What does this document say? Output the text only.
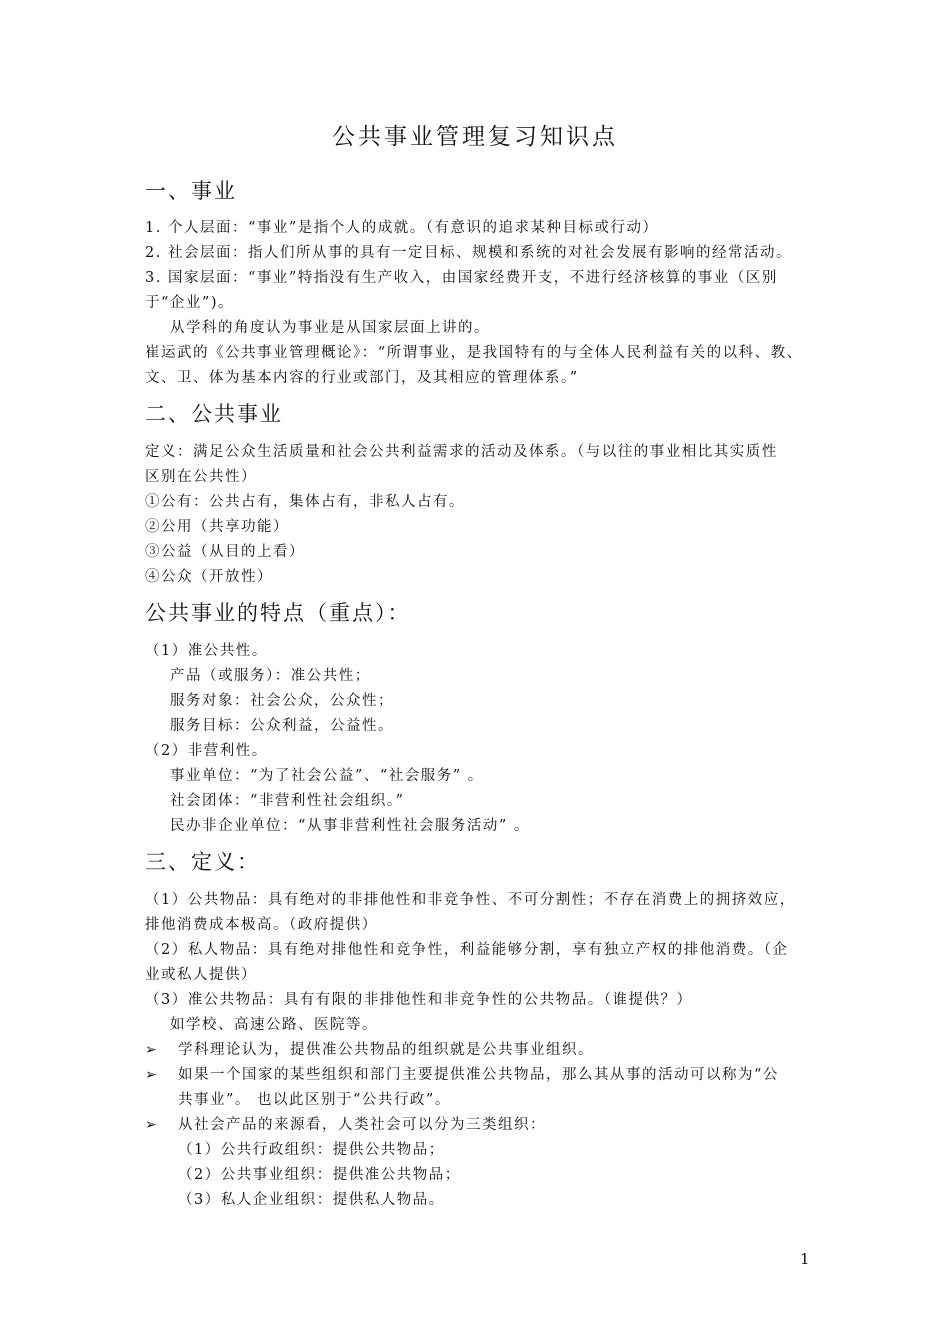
公共事业管理复习知识点
一、事业
1. 个人层面：“事业”是指个人的成就。（有意识的追求某种目标或行动）
2. 社会层面：指人们所从事的具有一定目标、规模和系统的对社会发展有影响的经常活动。
3. 国家层面：“事业”特指没有生产收入，由国家经费开支，不进行经济核算的事业（区别
于“企业”)。
从学科的角度认为事业是从国家层面上讲的。
崔运武的《公共事业管理概论》：“所谓事业，是我国特有的与全体人民利益有关的以科、教、
文、卫、体为基本内容的行业或部门，及其相应的管理体系。”
二、公共事业
定义：满足公众生活质量和社会公共利益需求的活动及体系。（与以往的事业相比其实质性
区别在公共性）
①公有：公共占有，集体占有，非私人占有。
②公用（共享功能）
③公益（从目的上看）
④公众（开放性）
公共事业的特点（重点）：
（1）准公共性。
产品（或服务）：准公共性；
服务对象：社会公众，公众性；
服务目标：公众利益，公益性。
（2）非营利性。
事业单位：“为了社会公益”、“社会服务” 。
社会团体：“非营利性社会组织。”
民办非企业单位：“从事非营利性社会服务活动” 。
三、定义：
（1）公共物品：具有绝对的非排他性和非竞争性、不可分割性；不存在消费上的拥挤效应，
排他消费成本极高。（政府提供）
（2）私人物品：具有绝对排他性和竞争性，利益能够分割，享有独立产权的排他消费。（企
业或私人提供）
（3）准公共物品：具有有限的非排他性和非竞争性的公共物品。（谁提供？）
如学校、高速公路、医院等。
➢ 学科理论认为，提供准公共物品的组织就是公共事业组织。
➢ 如果一个国家的某些组织和部门主要提供准公共物品，那么其从事的活动可以称为“公
共事业”。 也以此区别于“公共行政”。
➢ 从社会产品的来源看，人类社会可以分为三类组织：
（1）公共行政组织：提供公共物品；
（2）公共事业组织：提供准公共物品；
（3）私人企业组织：提供私人物品。
1
